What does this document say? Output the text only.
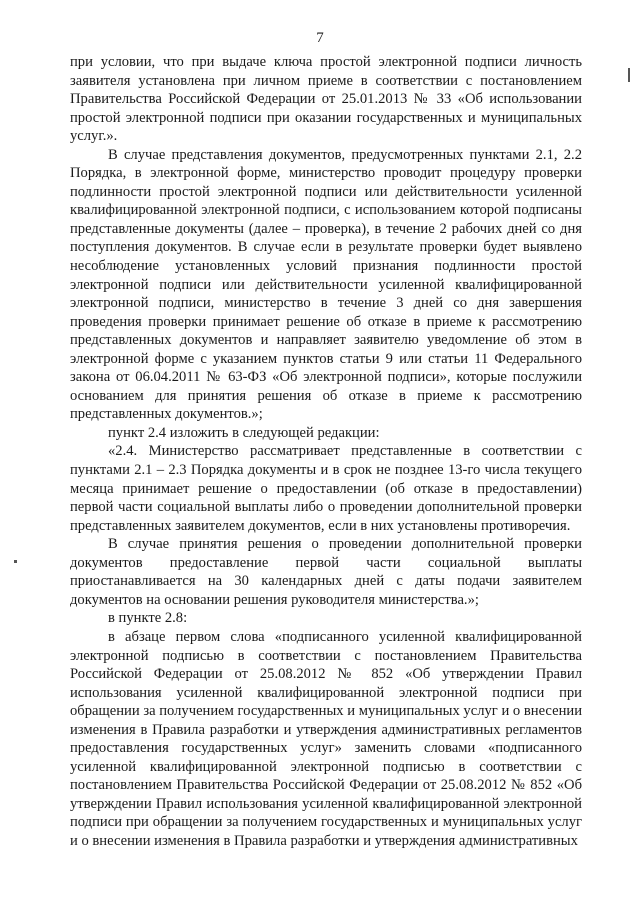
7

при условии, что при выдаче ключа простой электронной подписи личность заявителя установлена при личном приеме в соответствии с постановлением Правительства Российской Федерации от 25.01.2013 № 33 «Об использовании простой электронной подписи при оказании государственных и муниципальных услуг.».

В случае представления документов, предусмотренных пунктами 2.1, 2.2 Порядка, в электронной форме, министерство проводит процедуру проверки подлинности простой электронной подписи или действительности усиленной квалифицированной электронной подписи, с использованием которой подписаны представленные документы (далее – проверка), в течение 2 рабочих дней со дня поступления документов. В случае если в результате проверки будет выявлено несоблюдение установленных условий признания подлинности простой электронной подписи или действительности усиленной квалифицированной электронной подписи, министерство в течение 3 дней со дня завершения проведения проверки принимает решение об отказе в приеме к рассмотрению представленных документов и направляет заявителю уведомление об этом в электронной форме с указанием пунктов статьи 9 или статьи 11 Федерального закона от 06.04.2011 № 63-ФЗ «Об электронной подписи», которые послужили основанием для принятия решения об отказе в приеме к рассмотрению представленных документов.»;

пункт 2.4 изложить в следующей редакции:

«2.4. Министерство рассматривает представленные в соответствии с пунктами 2.1 – 2.3 Порядка документы и в срок не позднее 13-го числа текущего месяца принимает решение о предоставлении (об отказе в предоставлении) первой части социальной выплаты либо о проведении дополнительной проверки представленных заявителем документов, если в них установлены противоречия.

В случае принятия решения о проведении дополнительной проверки документов предоставление первой части социальной выплаты приостанавливается на 30 календарных дней с даты подачи заявителем документов на основании решения руководителя министерства.»;

в пункте 2.8:

в абзаце первом слова «подписанного усиленной квалифицированной электронной подписью в соответствии с постановлением Правительства Российской Федерации от 25.08.2012 № 852 «Об утверждении Правил использования усиленной квалифицированной электронной подписи при обращении за получением государственных и муниципальных услуг и о внесении изменения в Правила разработки и утверждения административных регламентов предоставления государственных услуг» заменить словами «подписанного усиленной квалифицированной электронной подписью в соответствии с постановлением Правительства Российской Федерации от 25.08.2012 № 852 «Об утверждении Правил использования усиленной квалифицированной электронной подписи при обращении за получением государственных и муниципальных услуг и о внесении изменения в Правила разработки и утверждения административных
